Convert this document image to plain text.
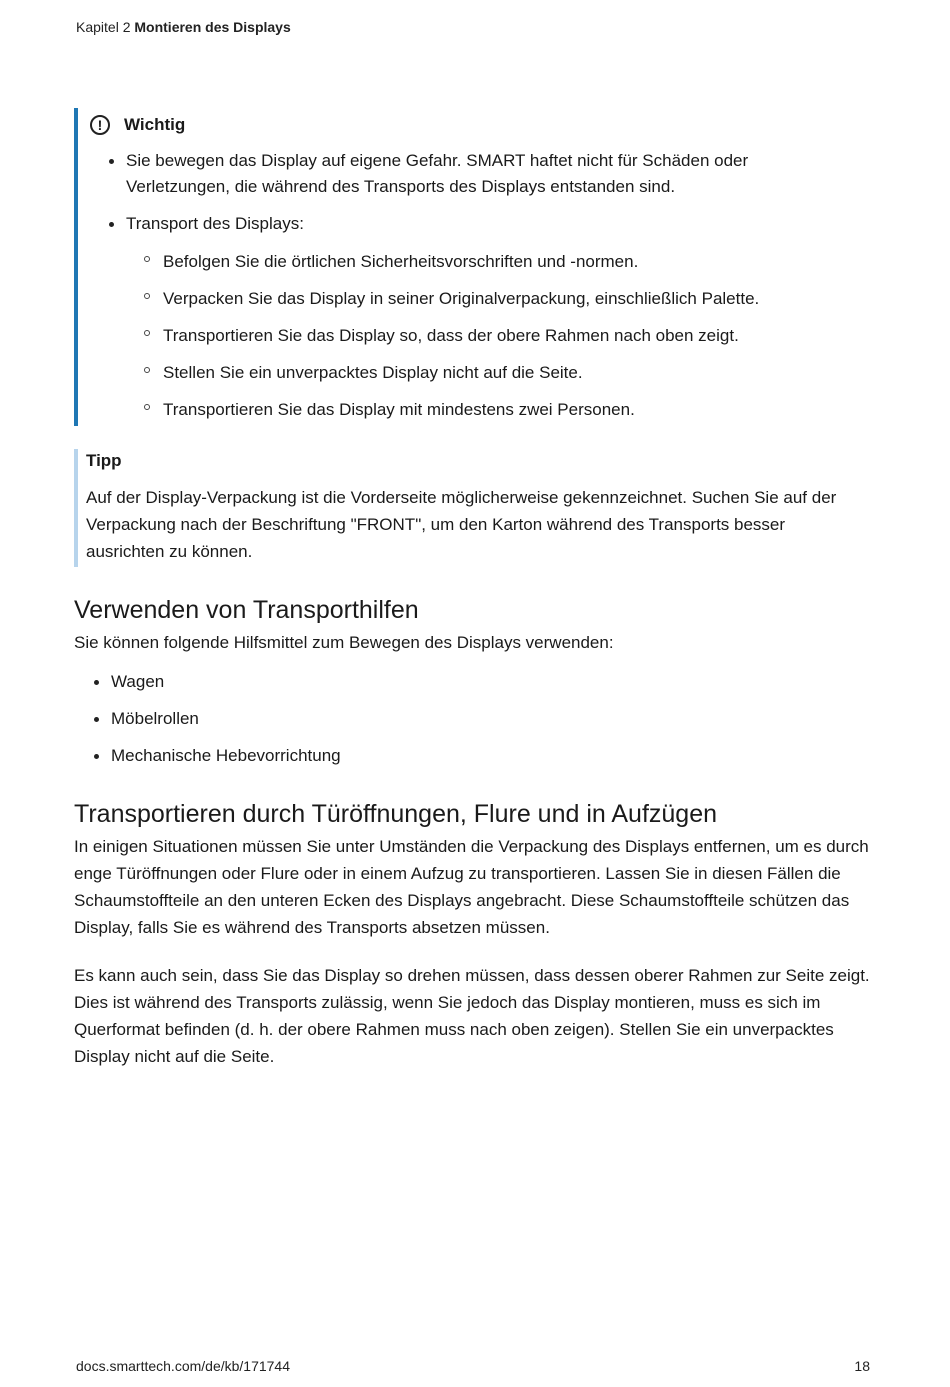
Kapitel 2 Montieren des Displays
!	Wichtig
Sie bewegen das Display auf eigene Gefahr. SMART haftet nicht für Schäden oder Verletzungen, die während des Transports des Displays entstanden sind.
Transport des Displays:
Befolgen Sie die örtlichen Sicherheitsvorschriften und -normen.
Verpacken Sie das Display in seiner Originalverpackung, einschließlich Palette.
Transportieren Sie das Display so, dass der obere Rahmen nach oben zeigt.
Stellen Sie ein unverpacktes Display nicht auf die Seite.
Transportieren Sie das Display mit mindestens zwei Personen.
Tipp
Auf der Display-Verpackung ist die Vorderseite möglicherweise gekennzeichnet. Suchen Sie auf der Verpackung nach der Beschriftung "FRONT", um den Karton während des Transports besser ausrichten zu können.
Verwenden von Transporthilfen

Sie können folgende Hilfsmittel zum Bewegen des Displays verwenden:

Wagen
Möbelrollen
Mechanische Hebevorrichtung
Transportieren durch Türöffnungen, Flure und in Aufzügen

In einigen Situationen müssen Sie unter Umständen die Verpackung des Displays entfernen, um es durch enge Türöffnungen oder Flure oder in einem Aufzug zu transportieren. Lassen Sie in diesen Fällen die Schaumstoffteile an den unteren Ecken des Displays angebracht. Diese Schaumstoffteile schützen das Display, falls Sie es während des Transports absetzen müssen.

Es kann auch sein, dass Sie das Display so drehen müssen, dass dessen oberer Rahmen zur Seite zeigt. Dies ist während des Transports zulässig, wenn Sie jedoch das Display montieren, muss es sich im Querformat befinden (d. h. der obere Rahmen muss nach oben zeigen). Stellen Sie ein unverpacktes Display nicht auf die Seite.

docs.smarttech.com/de/kb/171744	18
